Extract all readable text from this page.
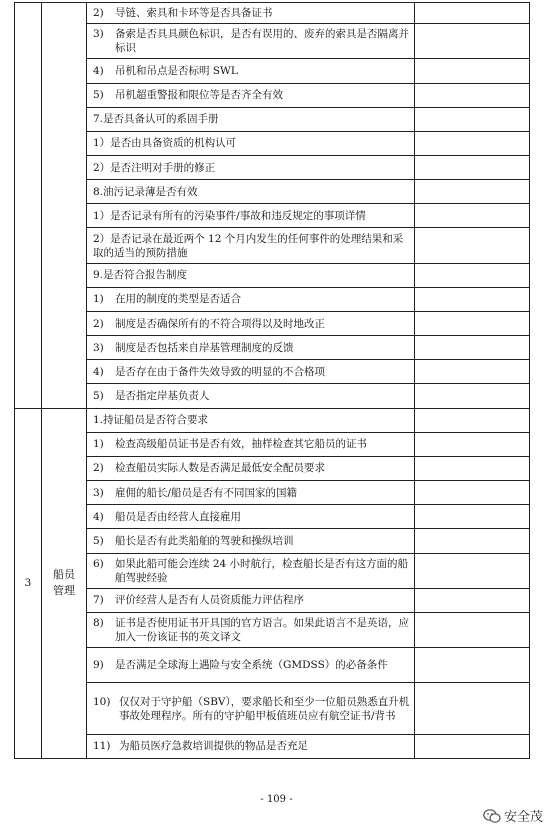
		2) 导链、索具和卡环等是否具备证书	

		3) 备索是否具具颜色标识，是否有误用的、废弃的索具是否隔离并标识	

		4) 吊机和吊点是否标明 SWL	

		5) 吊机超重警报和限位等是否齐全有效	

		7.是否具备认可的系固手册	

		1）是否由具备资质的机构认可	

		2）是否注明对手册的修正	

		8.油污记录薄是否有效	

		1）是否记录有所有的污染事件/事故和违反规定的事项详情	

		2）是否记录在最近两个 12 个月内发生的任何事件的处理结果和采取的适当的预防措施	

		9.是否符合报告制度	

		1) 在用的制度的类型是否适合	

		2) 制度是否确保所有的不符合项得以及时地改正	

		3) 制度是否包括来自岸基管理制度的反馈	

		4) 是否存在由于备件失效导致的明显的不合格项	

		5) 是否指定岸基负责人	

3	船员管理	1.持证船员是否符合要求	

		1) 检查高级船员证书是否有效，抽样检查其它船员的证书	

		2) 检查船员实际人数是否满足最低安全配员要求	

		3) 雇佣的船长/船员是否有不同国家的国籍	

		4) 船员是否由经营人直接雇用	

		5) 船长是否有此类船舶的驾驶和操纵培训	

		6) 如果此船可能会连续 24 小时航行，检查船长是否有这方面的船舶驾驶经验	

		7) 评价经营人是否有人员资质能力评估程序	

		8) 证书是否使用证书开具国的官方语言。如果此语言不是英语，应加入一份该证书的英文译文	

		9) 是否满足全球海上遇险与安全系统（GMDSS）的必备条件	

		10) 仅仅对于守护船（SBV），要求船长和至少一位船员熟悉直升机事故处理程序。所有的守护船甲板值班员应有航空证书/背书	

		11) 为船员医疗急救培训提供的物品是否充足	

- 109 -
安全茂
